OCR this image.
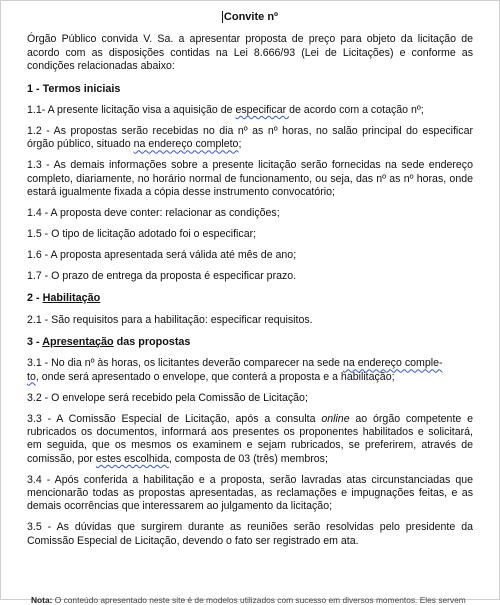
Convite nº

Órgão Público convida V. Sa. a apresentar proposta de preço para objeto da licitação de acordo com as disposições contidas na Lei 8.666/93 (Lei de Licitações) e conforme as condições relacionadas abaixo:

1 - Termos iniciais

1.1- A presente licitação visa a aquisição de especificar de acordo com a cotação nº;

1.2 - As propostas serão recebidas no dia nº as nº horas, no salão principal do especificar órgão público, situado na endereço completo;

1.3 - As demais informações sobre a presente licitação serão fornecidas na sede endereço completo, diariamente, no horário normal de funcionamento, ou seja, das nº as nº horas, onde estará igualmente fixada a cópia desse instrumento convocatório;

1.4 - A proposta deve conter: relacionar as condições;

1.5 - O tipo de licitação adotado foi o especificar;

1.6 - A proposta apresentada será válida até mês de ano;

1.7 - O prazo de entrega da proposta é especificar prazo.

2 - Habilitação

2.1 - São requisitos para a habilitação: especificar requisitos.

3 - Apresentação das propostas

3.1 - No dia nº às horas, os licitantes deverão comparecer na sede na endereço comple-
to, onde será apresentado o envelope, que conterá a proposta e a habilitação;

3.2 - O envelope será recebido pela Comissão de Licitação;

3.3 - A Comissão Especial de Licitação, após a consulta online ao órgão competente e rubricados os documentos, informará aos presentes os proponentes habilitados e solicitará, em seguida, que os mesmos os examinem e sejam rubricados, se preferirem, através de comissão, por estes escolhida, composta de 03 (três) membros;

3.4 - Após conferida a habilitação e a proposta, serão lavradas atas circunstanciadas que mencionarão todas as propostas apresentadas, as reclamações e impugnações feitas, e as demais ocorrências que interessarem ao julgamento da licitação;

3.5 - As dúvidas que surgirem durante as reuniões serão resolvidas pelo presidente da Comissão Especial de Licitação, devendo o fato ser registrado em ata.

Nota: O conteúdo apresentado neste site é de modelos utilizados com sucesso em diversos momentos. Eles servem
